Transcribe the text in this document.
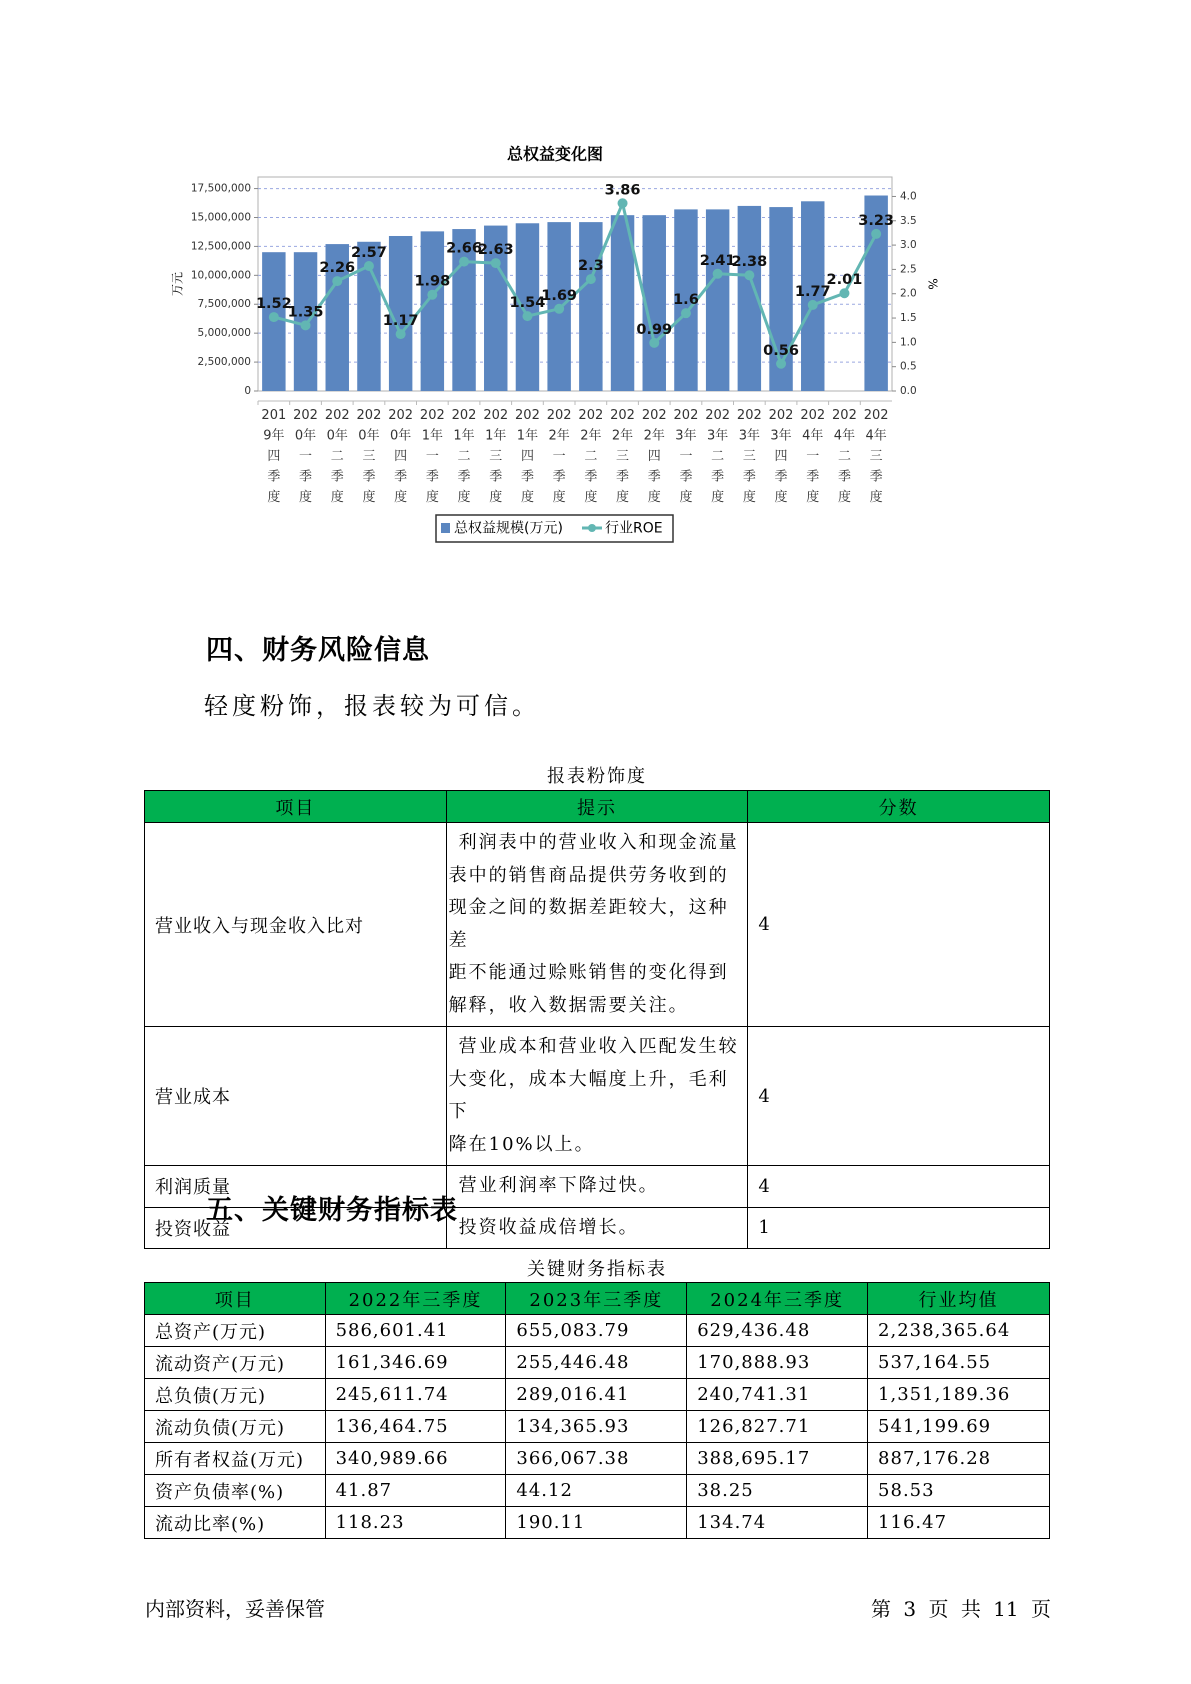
总权益变化图
17,500,000
15,000,000
12,500,000
10,000,000
7,500,000
5,000,000
2,500,000
0
4.0
3.5
3.0
2.5
2.0
1.5
1.0
0.5
0.0
万元	%
201
9年
四
季
度
202
0年
一
季
度
202
0年
二
季
度
202
0年
三
季
度
202
0年
四
季
度
202
1年
一
季
度
202
1年
二
季
度
202
1年
三
季
度
202
1年
四
季
度
202
2年
一
季
度
202
2年
二
季
度
202
2年
三
季
度
202
2年
四
季
度
202
3年
一
季
度
202
3年
二
季
度
202
3年
三
季
度
202
3年
四
季
度
202
4年
一
季
度
202
4年
二
季
度
202
4年
三
季
度
1.52
1.35
2.26
2.57
1.17
1.98
2.66
2.63
1.54
1.69
2.3
3.86
0.99
1.6
2.41
2.38
0.56
1.77
2.01
3.23
总权益规模(万元)	行业ROE
四、财务风险信息
轻度粉饰，报表较为可信。
报表粉饰度
项目	提示	分数
营业收入与现金收入比对	利润表中的营业收入和现金流量
表中的销售商品提供劳务收到的
现金之间的数据差距较大，这种差
距不能通过赊账销售的变化得到
解释，收入数据需要关注。	4
营业成本	营业成本和营业收入匹配发生较
大变化，成本大幅度上升，毛利下
降在10%以上。	4
利润质量	营业利润率下降过快。	4
投资收益	投资收益成倍增长。	1
五、关键财务指标表
关键财务指标表
项目	2022年三季度	2023年三季度	2024年三季度	行业均值
总资产(万元)	586,601.41	655,083.79	629,436.48	2,238,365.64
流动资产(万元)	161,346.69	255,446.48	170,888.93	537,164.55
总负债(万元)	245,611.74	289,016.41	240,741.31	1,351,189.36
流动负债(万元)	136,464.75	134,365.93	126,827.71	541,199.69
所有者权益(万元)	340,989.66	366,067.38	388,695.17	887,176.28
资产负债率(%)	41.87	44.12	38.25	58.53
流动比率(%)	118.23	190.11	134.74	116.47
内部资料，妥善保管	第 3 页 共 11 页
